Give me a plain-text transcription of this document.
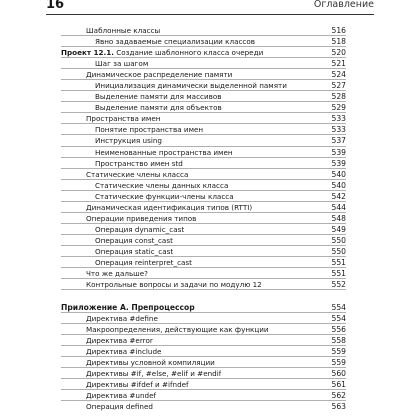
16	Оглавление
Шаблонные классы	516
Явно задаваемые специализации классов	518
Проект 12.1. Создание шаблонного класса очереди	520
Шаг за шагом	521
Динамическое распределение памяти	524
Инициализация динамически выделенной памяти	527
Выделение памяти для массивов	528
Выделение памяти для объектов	529
Пространства имен	533
Понятие пространства имен	533
Инструкция using	537
Неименованные пространства имен	539
Пространство имен std	539
Статические члены класса	540
Статические члены данных класса	540
Статические функции-члены класса	542
Динамическая идентификация типов (RTTI)	544
Операции приведения типов	548
Операция dynamic_cast	549
Операция const_cast	550
Операция static_cast	550
Операция reinterpret_cast	551
Что же дальше?	551
Контрольные вопросы и задачи по модулю 12	552
Приложение А. Препроцессор	554
Директива #define	554
Макроопределения, действующие как функции	556
Директива #error	558
Директива #include	559
Директивы условной компиляции	559
Директивы #if, #else, #elif и #endif	560
Директивы #ifdef и #ifndef	561
Директива #undef	562
Операция defined	563
